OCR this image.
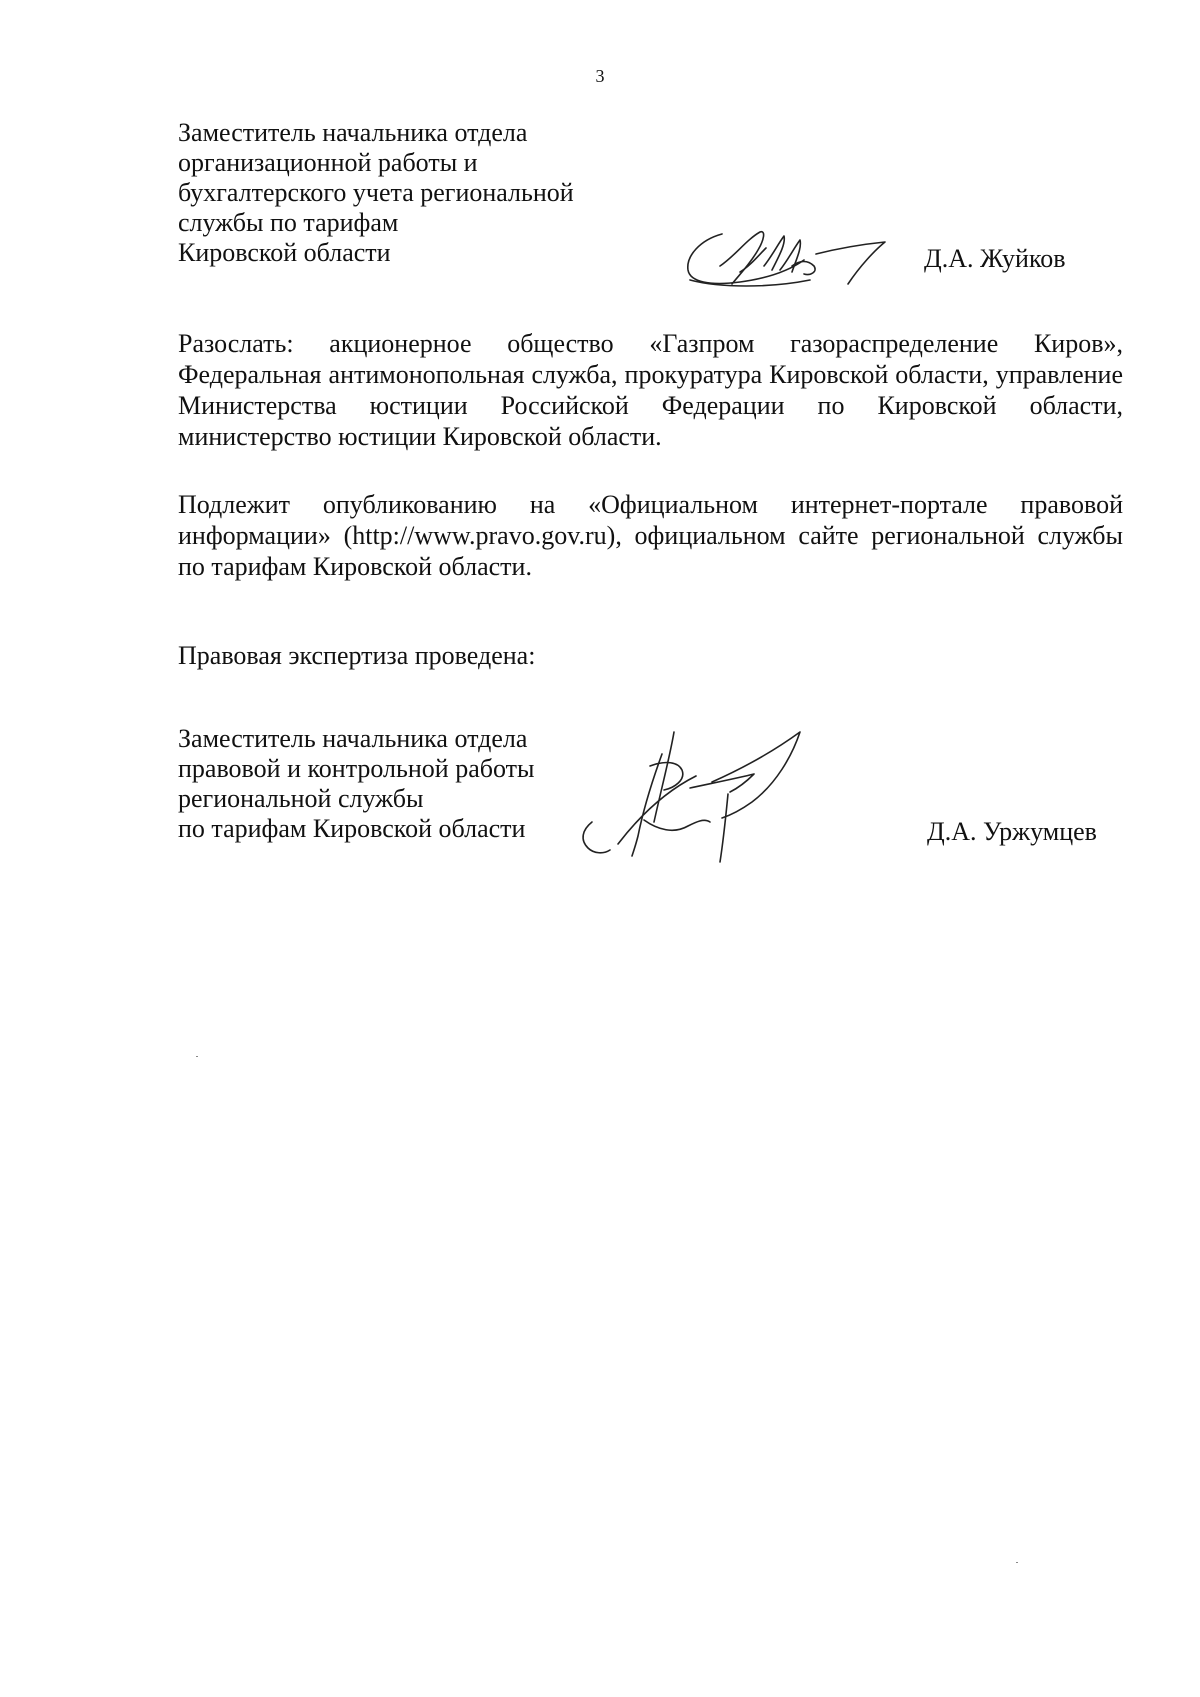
3
Заместитель начальника отдела
организационной работы и
бухгалтерского учета региональной
службы по тарифам
Кировской области	Д.А. Жуйков
Разослать: акционерное общество «Газпром газораспределение Киров», Федеральная антимонопольная служба, прокуратура Кировской области, управление Министерства юстиции Российской Федерации по Кировской области, министерство юстиции Кировской области.
Подлежит опубликованию на «Официальном интернет-портале правовой информации» (http://www.pravo.gov.ru), официальном сайте региональной службы по тарифам Кировской области.
Правовая экспертиза проведена:
Заместитель начальника отдела
правовой и контрольной работы
региональной службы
по тарифам Кировской области	Д.А. Уржумцев
